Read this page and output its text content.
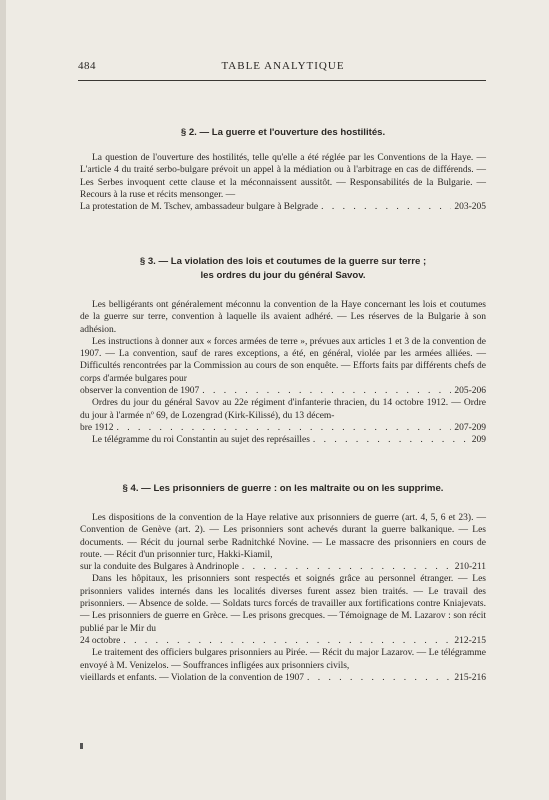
484	TABLE ANALYTIQUE
§ 2. — La guerre et l'ouverture des hostilités.

La question de l'ouverture des hostilités, telle qu'elle a été réglée par les Conventions de la Haye. — L'article 4 du traité serbo-bulgare prévoit un appel à la médiation ou à l'arbitrage en cas de différends. — Les Serbes invoquent cette clause et la méconnaissent aussitôt. — Responsabilités de la Bulgarie. — Recours à la ruse et récits mensonger. —

La protestation de M. Tschev, ambassadeur bulgare à Belgrade . . .	203-205
§ 3. — La violation des lois et coutumes de la guerre sur terre ;
les ordres du jour du général Savov.

Les belligérants ont généralement méconnu la convention de la Haye concernant les lois et coutumes de la guerre sur terre, convention à laquelle ils avaient adhéré. — Les réserves de la Bulgarie à son adhésion.

Les instructions à donner aux « forces armées de terre », prévues aux articles 1 et 3 de la convention de 1907. — La convention, sauf de rares exceptions, a été, en général, violée par les armées alliées. — Difficultés rencontrées par la Commission au cours de son enquête. — Efforts faits par différents chefs de corps d'armée bulgares pour

observer la convention de 1907 . . .	205-206

Ordres du jour du général Savov au 22e régiment d'infanterie thracien, du 14 octobre 1912. — Ordre du jour à l'armée nº 69, de Lozengrad (Kirk-Kilissé), du 13 décem-

bre 1912 . . .	207-209
Le télégramme du roi Constantin au sujet des représailles . . .	209
§ 4. — Les prisonniers de guerre : on les maltraite ou on les supprime.

Les dispositions de la convention de la Haye relative aux prisonniers de guerre (art. 4, 5, 6 et 23). — Convention de Genève (art. 2). — Les prisonniers sont achevés durant la guerre balkanique. — Les documents. — Récit du journal serbe Radnitchké Novine. — Le massacre des prisonniers en cours de route. — Récit d'un prisonnier turc, Hakki-Kiamil,

sur la conduite des Bulgares à Andrinople . . .	210-211

Dans les hôpitaux, les prisonniers sont respectés et soignés grâce au personnel étranger. — Les prisonniers valides internés dans les localités diverses furent assez bien traités. — Le travail des prisonniers. — Absence de solde. — Soldats turcs forcés de travailler aux fortifications contre Kniajevats. — Les prisonniers de guerre en Grèce. — Les prisons grecques. — Témoignage de M. Lazarov : son récit publié par le Mir du

24 octobre . . .	212-215

Le traitement des officiers bulgares prisonniers au Pirée. — Récit du major Lazarov. — Le télégramme envoyé à M. Venizelos. — Souffrances infligées aux prisonniers civils,

vieillards et enfants. — Violation de la convention de 1907 . . .	215-216
